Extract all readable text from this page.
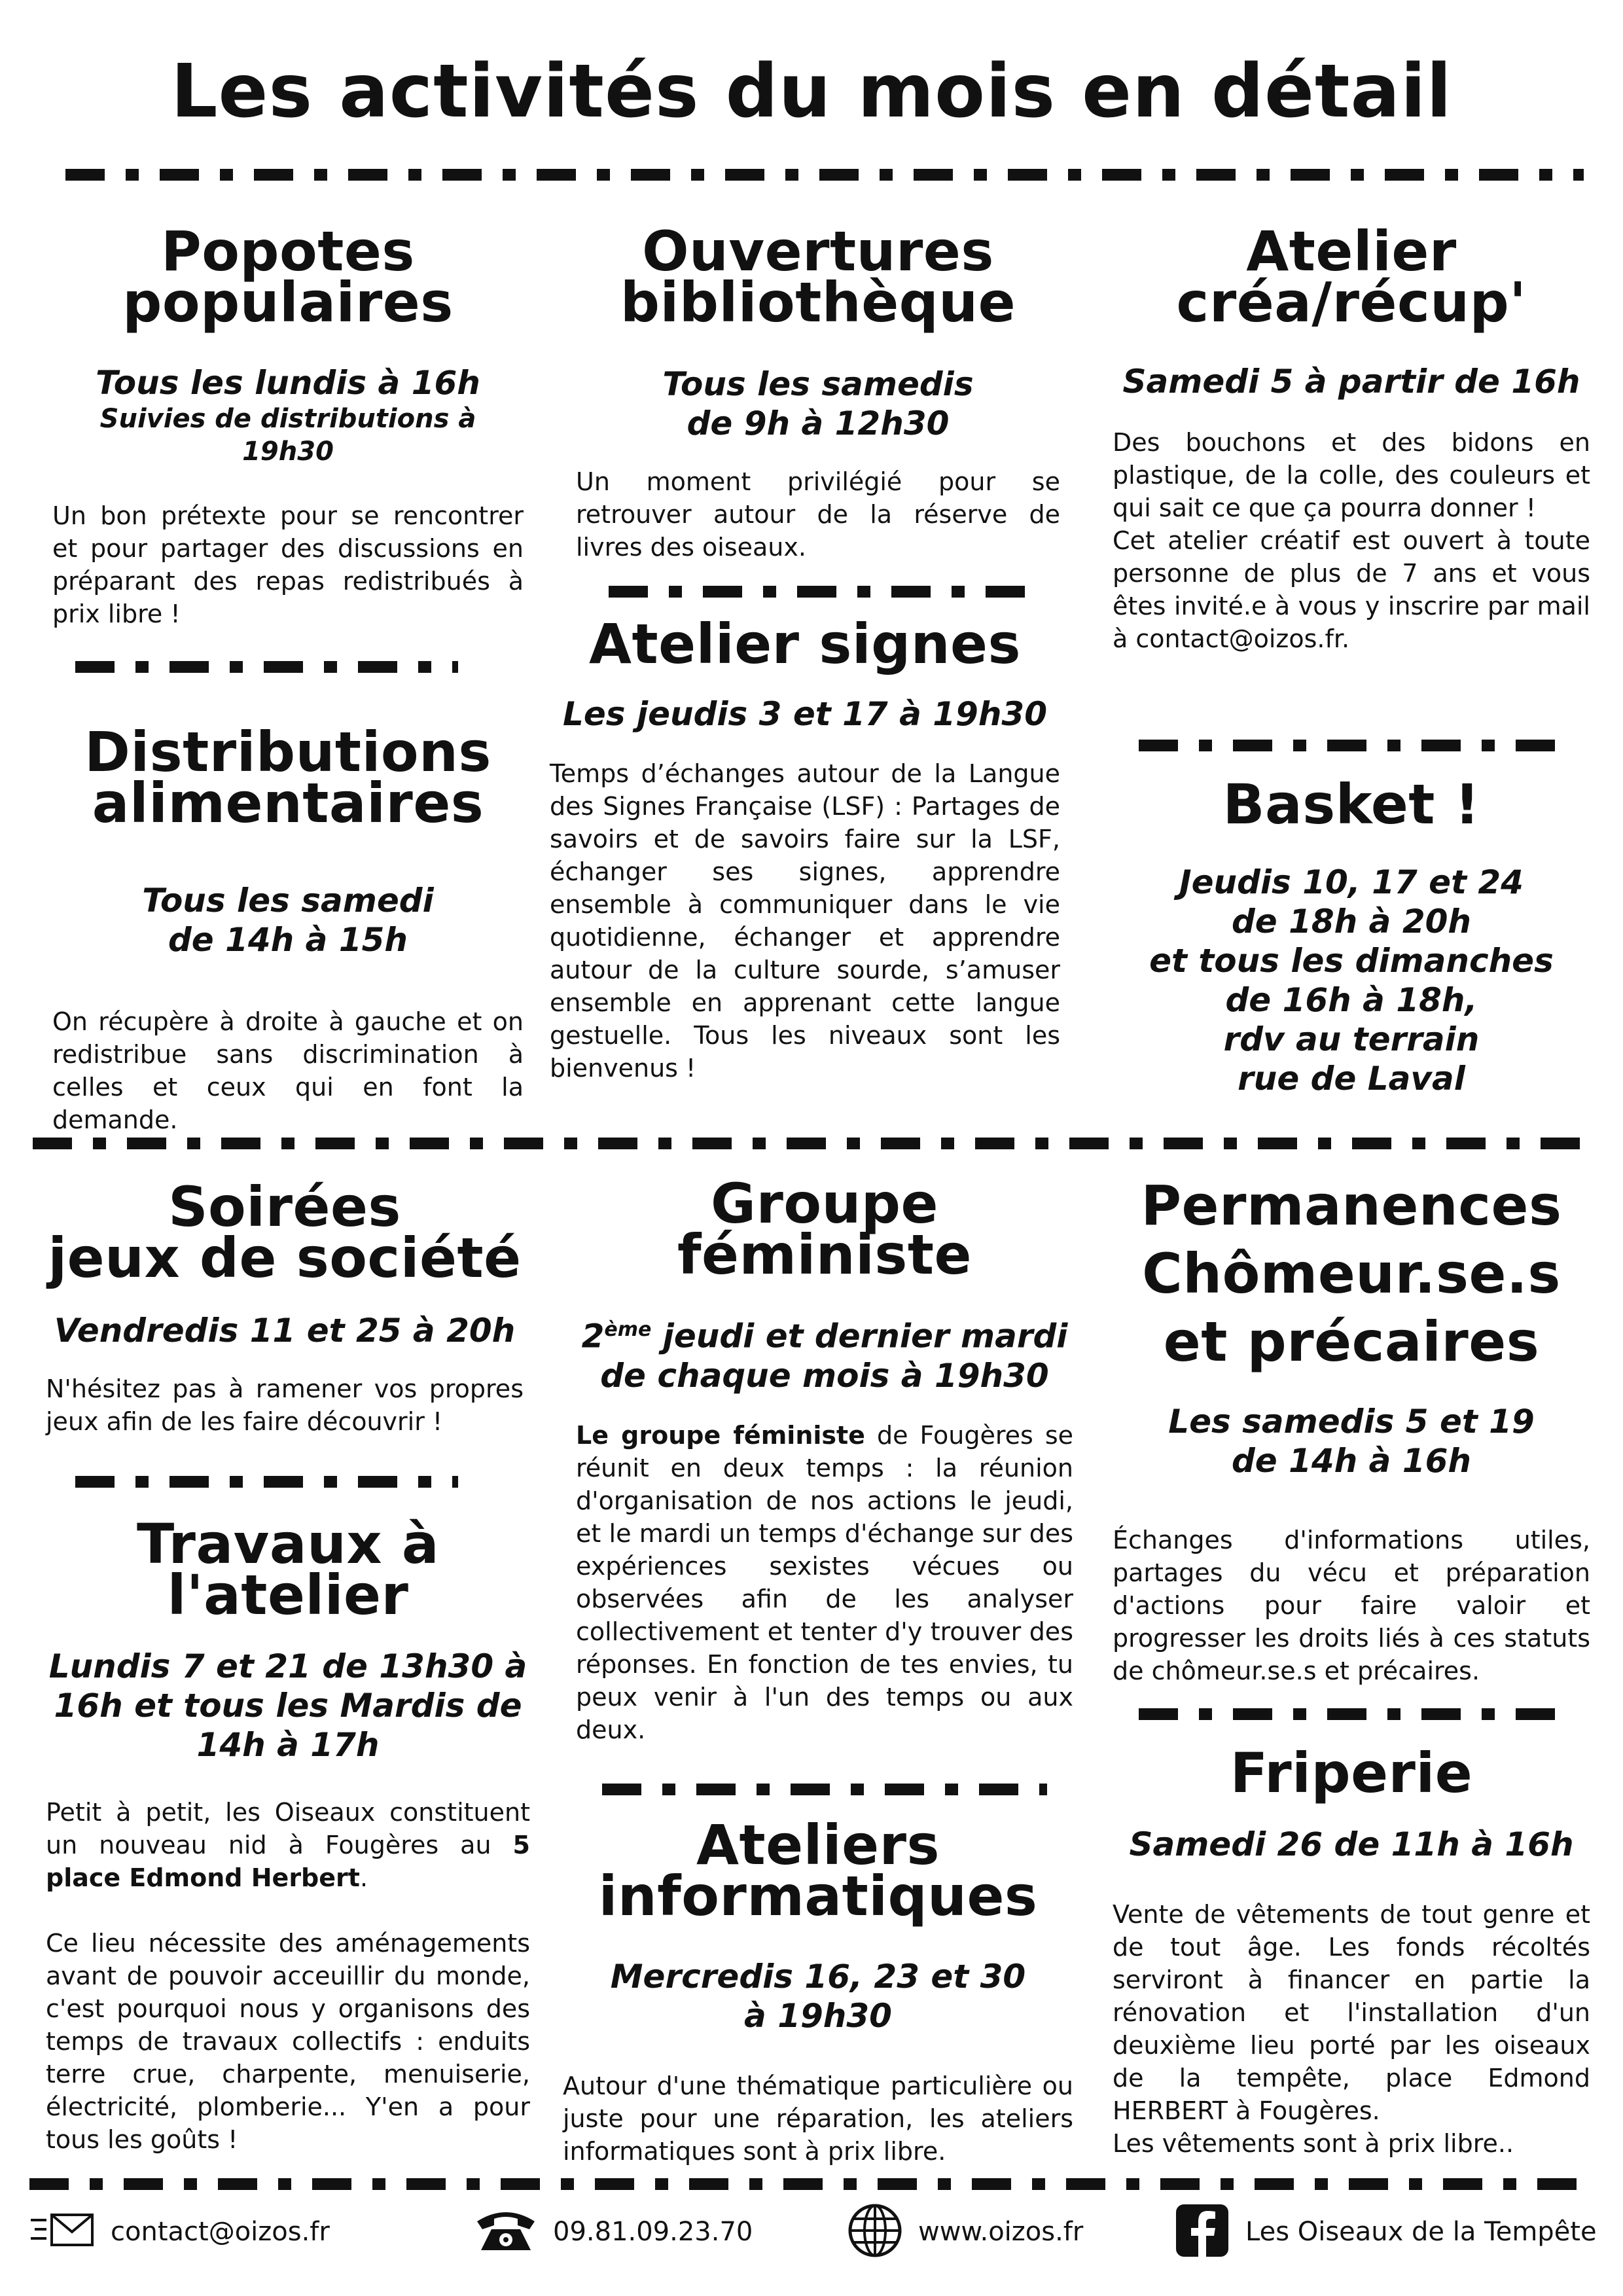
Les activités du mois en détail
Popotes
populaires
Tous les lundis à 16h
Suivies de distributions à 19h30
Un bon prétexte pour se rencontrer et pour partager des discussions en préparant des repas redistribués à prix libre !
Distributions
alimentaires
Tous les samedi
de 14h à 15h
On récupère à droite à gauche et on redistribue sans discrimination à celles et ceux qui en font la demande.
Ouvertures
bibliothèque
Tous les samedis
de 9h à 12h30
Un moment privilégié pour se retrouver autour de la réserve de livres des oiseaux.
Atelier signes
Les jeudis 3 et 17 à 19h30
Temps d’échanges autour de la Langue des Signes Française (LSF) : Partages de savoirs et de savoirs faire sur la LSF, échanger ses signes, apprendre ensemble à communiquer dans le vie quotidienne, échanger et apprendre autour de la culture sourde, s’amuser ensemble en apprenant cette langue gestuelle. Tous les niveaux sont les bienvenus !
Atelier
créa/récup'
Samedi 5 à partir de 16h
Des bouchons et des bidons en plastique, de la colle, des couleurs et qui sait ce que ça pourra donner !
Cet atelier créatif est ouvert à toute personne de plus de 7 ans et vous êtes invité.e à vous y inscrire par mail à contact@oizos.fr.
Basket !
Jeudis 10, 17 et 24
de 18h à 20h
et tous les dimanches
de 16h à 18h,
rdv au terrain
rue de Laval
Soirées
jeux de société
Vendredis 11 et 25 à 20h
N'hésitez pas à ramener vos propres jeux afin de les faire découvrir !
Travaux à
l'atelier
Lundis 7 et 21 de 13h30 à
16h et tous les Mardis de
14h à 17h
Petit à petit, les Oiseaux constituent un nouveau nid à Fougères au 5 place Edmond Herbert.
Ce lieu nécessite des aménagements avant de pouvoir acceuillir du monde, c'est pourquoi nous y organisons des temps de travaux collectifs : enduits terre crue, charpente, menuiserie, électricité, plomberie... Y'en a pour tous les goûts !
Groupe
féministe
2ème jeudi et dernier mardi
de chaque mois à 19h30
Le groupe féministe de Fougères se réunit en deux temps : la réunion d'organisation de nos actions le jeudi, et le mardi un temps d'échange sur des expériences sexistes vécues ou observées afin de les analyser collectivement et tenter d'y trouver des réponses. En fonction de tes envies, tu peux venir à l'un des temps ou aux deux.
Ateliers
informatiques
Mercredis 16, 23 et 30
à 19h30
Autour d'une thématique particulière ou juste pour une réparation, les ateliers informatiques sont à prix libre.
Permanences
Chômeur.se.s
et précaires
Les samedis 5 et 19
de 14h à 16h
Échanges d'informations utiles, partages du vécu et préparation d'actions pour faire valoir et progresser les droits liés à ces statuts de chômeur.se.s et précaires.
Friperie
Samedi 26 de 11h à 16h
Vente de vêtements de tout genre et de tout âge. Les fonds récoltés serviront à financer en partie la rénovation et l'installation d'un deuxième lieu porté par les oiseaux de la tempête, place Edmond HERBERT à Fougères.
Les vêtements sont à prix libre..
contact@oizos.fr	09.81.09.23.70	www.oizos.fr	Les Oiseaux de la Tempête
